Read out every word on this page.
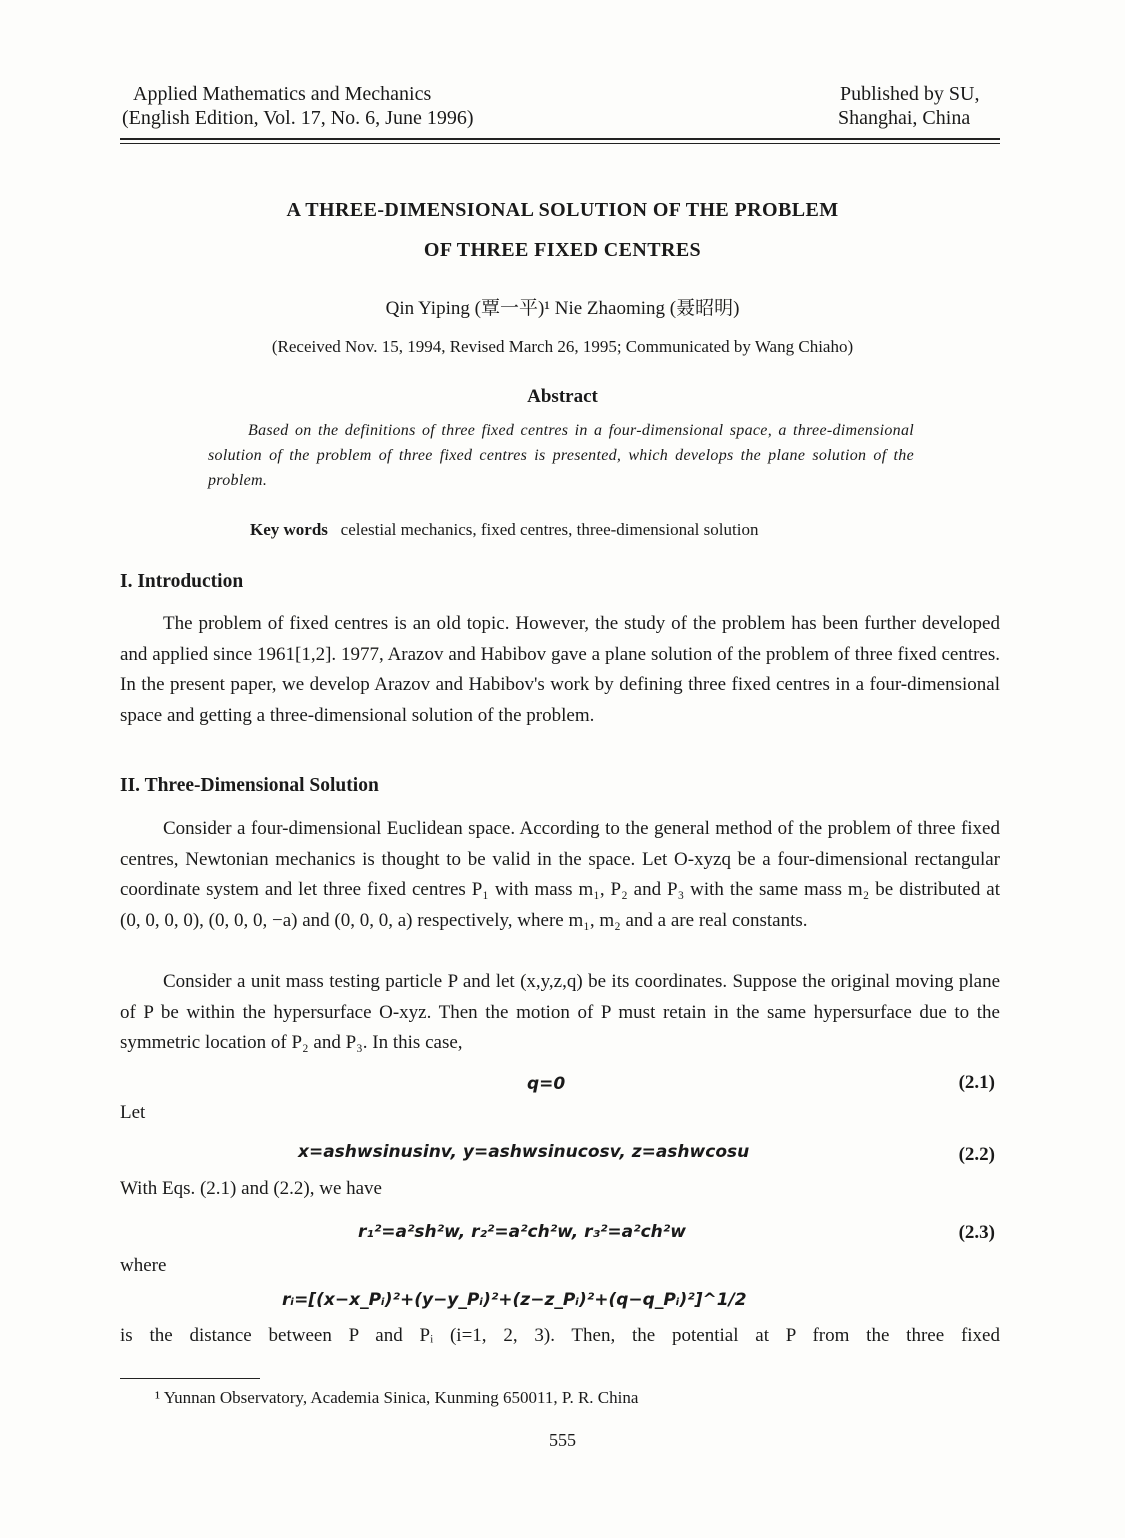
Applied Mathematics and Mechanics
(English Edition, Vol. 17, No. 6, June 1996)
Published by SU,
Shanghai, China
A THREE-DIMENSIONAL SOLUTION OF THE PROBLEM
OF THREE FIXED CENTRES
Qin Yiping (覃一平)¹ Nie Zhaoming (聂昭明)
(Received Nov. 15, 1994, Revised March 26, 1995; Communicated by Wang Chiaho)
Abstract
Based on the definitions of three fixed centres in a four-dimensional space, a three-dimensional solution of the problem of three fixed centres is presented, which develops the plane solution of the problem.
Key words celestial mechanics, fixed centres, three-dimensional solution
I. Introduction
The problem of fixed centres is an old topic. However, the study of the problem has been further developed and applied since 1961[1,2]. 1977, Arazov and Habibov gave a plane solution of the problem of three fixed centres. In the present paper, we develop Arazov and Habibov's work by defining three fixed centres in a four-dimensional space and getting a three-dimensional solution of the problem.
II. Three-Dimensional Solution
Consider a four-dimensional Euclidean space. According to the general method of the problem of three fixed centres, Newtonian mechanics is thought to be valid in the space. Let O-xyzq be a four-dimensional rectangular coordinate system and let three fixed centres P₁ with mass m₁, P₂ and P₃ with the same mass m₂ be distributed at (0, 0, 0, 0), (0, 0, 0, −a) and (0, 0, 0, a) respectively, where m₁, m₂ and a are real constants.
Consider a unit mass testing particle P and let (x,y,z,q) be its coordinates. Suppose the original moving plane of P be within the hypersurface O-xyz. Then the motion of P must retain in the same hypersurface due to the symmetric location of P₂ and P₃. In this case,
q=0	(2.1)
Let
x=ashwsinusinv, y=ashwsinucosv, z=ashwcosu	(2.2)
With Eqs. (2.1) and (2.2), we have
r₁²=a²sh²w, r₂²=a²ch²w, r₃²=a²ch²w	(2.3)
where
rᵢ=[(x−x_Pᵢ)²+(y−y_Pᵢ)²+(z−z_Pᵢ)²+(q−q_Pᵢ)²]^1/2
is the distance between P and Pᵢ (i=1, 2, 3). Then, the potential at P from the three fixed
¹ Yunnan Observatory, Academia Sinica, Kunming 650011, P. R. China
555
